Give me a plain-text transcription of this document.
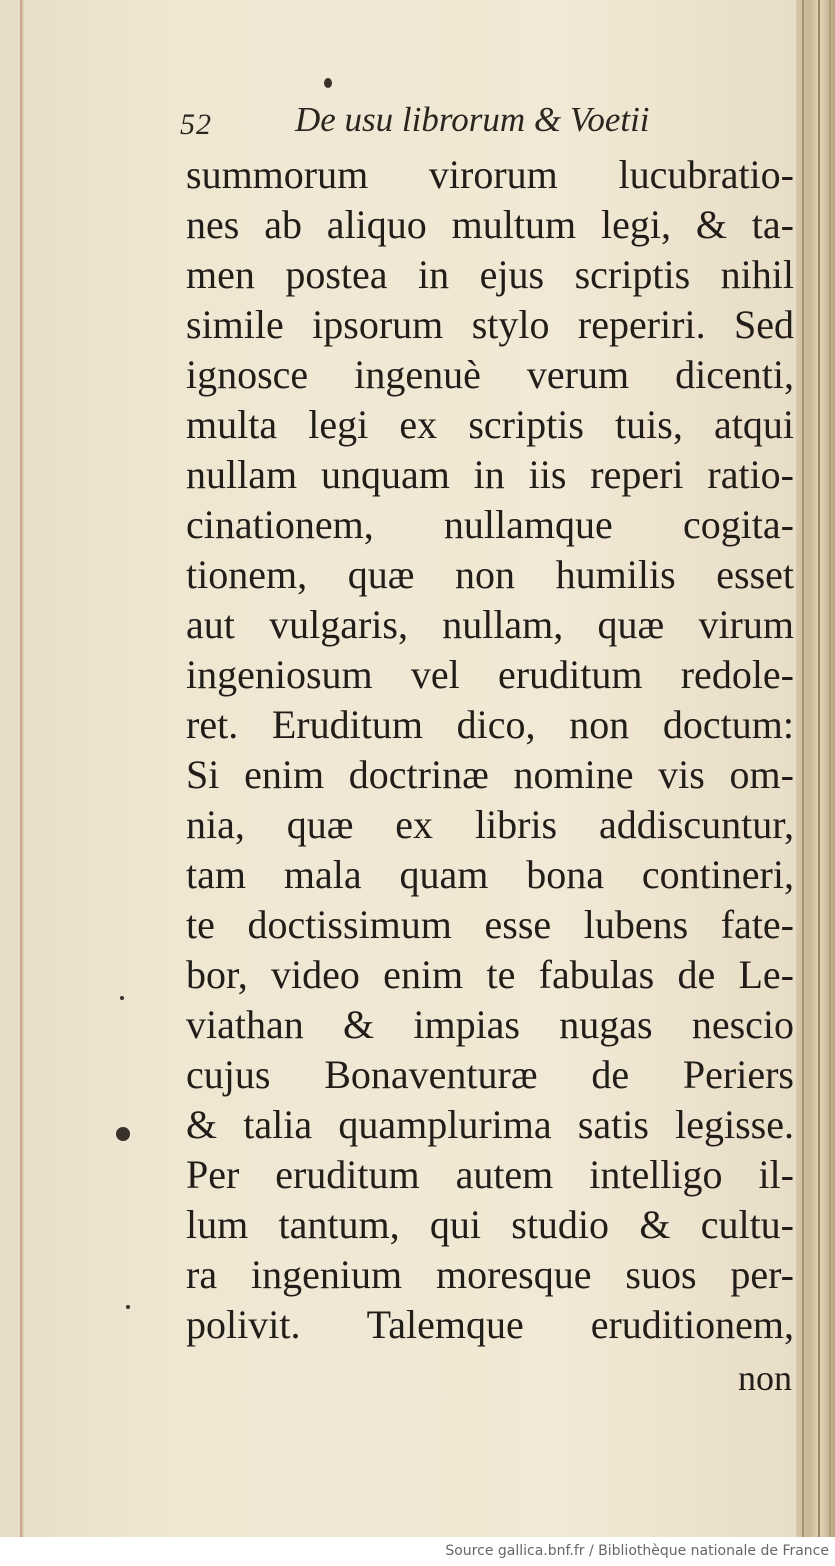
52 De usu librorum & Voetii
summorum virorum lucubratio-
nes ab aliquo multum legi, & ta-
men postea in ejus scriptis nihil
simile ipsorum stylo reperiri. Sed
ignosce ingenuè verum dicenti,
multa legi ex scriptis tuis, atqui
nullam unquam in iis reperi ratio-
cinationem, nullamque cogita-
tionem, quæ non humilis esset
aut vulgaris, nullam, quæ virum
ingeniosum vel eruditum redole-
ret. Eruditum dico, non doctum:
Si enim doctrinæ nomine vis om-
nia, quæ ex libris addiscuntur,
tam mala quam bona contineri,
te doctissimum esse lubens fate-
bor, video enim te fabulas de Le-
viathan & impias nugas nescio
cujus Bonaventuræ de Periers
& talia quamplurima satis legisse.
Per eruditum autem intelligo il-
lum tantum, qui studio & cultu-
ra ingenium moresque suos per-
polivit. Talemque eruditionem,
non
Source gallica.bnf.fr / Bibliothèque nationale de France
